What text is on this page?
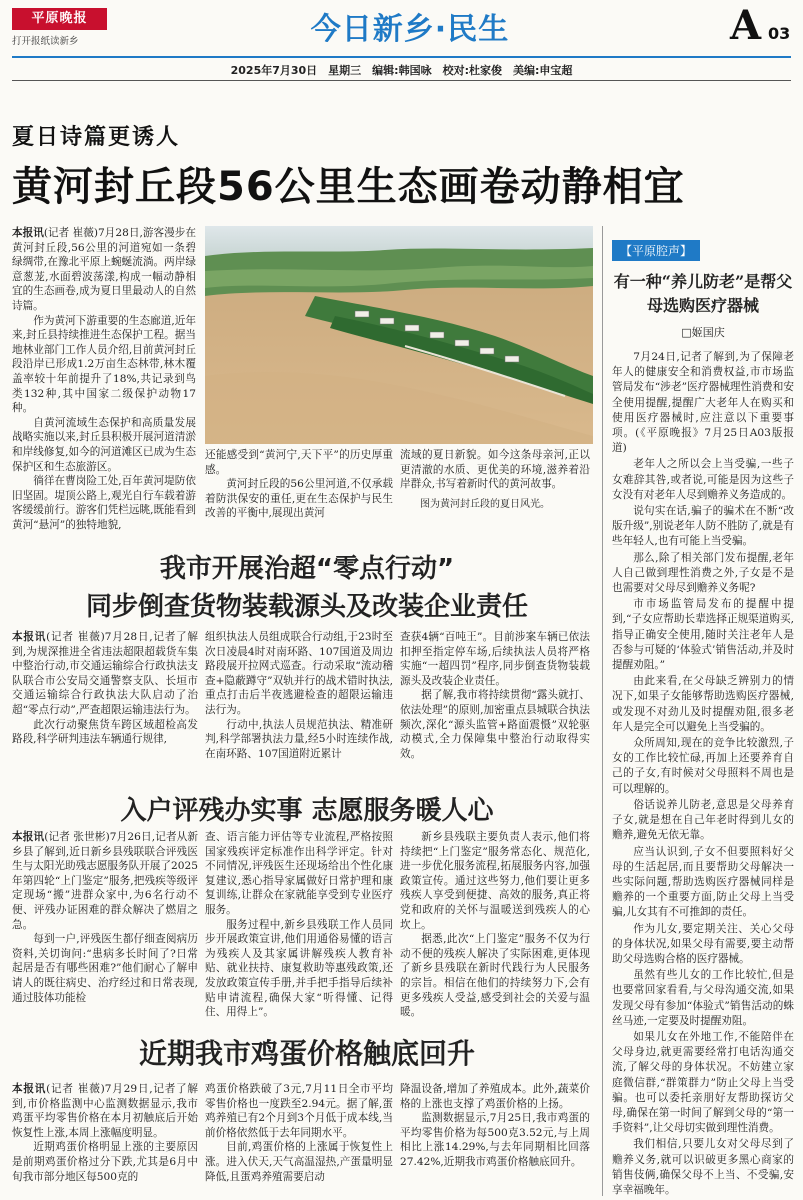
平原晚报
打开报纸读新乡	今日新乡·民生	A 03
2025年7月30日　星期三　编辑:韩国咏　校对:杜家俊　美编:申宝超
夏日诗篇更诱人
黄河封丘段56公里生态画卷动静相宜

本报讯(记者 崔薇)7月28日,游客漫步在黄河封丘段,56公里的河道宛如一条碧绿绸带,在豫北平原上蜿蜒流淌。两岸绿意葱茏,水面碧波荡漾,构成一幅动静相宜的生态画卷,成为夏日里最动人的自然诗篇。

作为黄河下游重要的生态廊道,近年来,封丘县持续推进生态保护工程。据当地林业部门工作人员介绍,目前黄河封丘段沿岸已形成1.2万亩生态林带,林木覆盖率较十年前提升了18%,共记录到鸟类132种,其中国家二级保护动物17种。

自黄河流域生态保护和高质量发展战略实施以来,封丘县积极开展河道清淤和岸线修复,如今的河道滩区已成为生态保护区和生态旅游区。

徜徉在曹岗险工处,百年黄河堤防依旧坚固。堤顶公路上,观光自行车载着游客缓缓前行。游客们凭栏远眺,既能看到黄河“悬河”的独特地貌,

还能感受到“黄河宁,天下平”的历史厚重感。

黄河封丘段的56公里河道,不仅承载着防洪保安的重任,更在生态保护与民生改善的平衡中,展现出黄河

流域的夏日新貌。如今这条母亲河,正以更清澈的水质、更优美的环境,滋养着沿岸群众,书写着新时代的黄河故事。

图为黄河封丘段的夏日风光。

【平原腔声】
有一种“养儿防老”是帮父母选购医疗器械
□姬国庆

7月24日,记者了解到,为了保障老年人的健康安全和消费权益,市市场监管局发布“涉老”医疗器械理性消费和安全使用提醒,提醒广大老年人在购买和使用医疗器械时,应注意以下重要事项。(《平原晚报》7月25日A03版报道)

老年人之所以会上当受骗,一些子女难辞其咎,或者说,可能是因为这些子女没有对老年人尽到赡养义务造成的。

说句实在话,骗子的骗术在不断“改版升级”,别说老年人防不胜防了,就是有些年轻人,也有可能上当受骗。

那么,除了相关部门发布提醒,老年人自己做到理性消费之外,子女是不是也需要对父母尽到赡养义务呢?

市市场监管局发布的提醒中提到,“子女应帮助长辈选择正规渠道购买,指导正确安全使用,随时关注老年人是否参与可疑的‘体验式’销售活动,并及时提醒劝阻。”

由此来看,在父母缺乏辨别力的情况下,如果子女能够帮助选购医疗器械,或发现不对劲儿及时提醒劝阻,很多老年人是完全可以避免上当受骗的。

众所周知,现在的竞争比较激烈,子女的工作比较忙碌,再加上还要养育自己的子女,有时候对父母照料不周也是可以理解的。

俗话说养儿防老,意思是父母养育子女,就是想在自己年老时得到儿女的赡养,避免无依无靠。

应当认识到,子女不但要照料好父母的生活起居,而且要帮助父母解决一些实际问题,帮助选购医疗器械同样是赡养的一个重要方面,防止父母上当受骗,儿女其有不可推卸的责任。

作为儿女,要定期关注、关心父母的身体状况,如果父母有需要,要主动帮助父母选购合格的医疗器械。

虽然有些儿女的工作比较忙,但是也要常回家看看,与父母沟通交流,如果发现父母有参加“体验式”销售活动的蛛丝马迹,一定要及时提醒劝阻。

如果儿女在外地工作,不能陪伴在父母身边,就更需要经常打电话沟通交流,了解父母的身体状况。不妨建立家庭微信群,“群策群力”防止父母上当受骗。也可以委托亲朋好友帮助探访父母,确保在第一时间了解到父母的“第一手资料”,让父母切实做到理性消费。

我们相信,只要儿女对父母尽到了赡养义务,就可以识破更多黑心商家的销售伎俩,确保父母不上当、不受骗,安享幸福晚年。

我市开展治超“零点行动”
同步倒查货物装载源头及改装企业责任

本报讯(记者 崔薇)7月28日,记者了解到,为规深推进全省违法超限超载货车集中整治行动,市交通运输综合行政执法支队联合市公安局交通警察支队、长垣市交通运输综合行政执法大队启动了治超“零点行动”,严查超限运输违法行为。

此次行动聚焦货车跨区域超检高发路段,科学研判违法车辆通行规律,

组织执法人员组成联合行动组,于23时至次日凌晨4时对南环路、107国道及周边路段展开拉网式巡查。行动采取“流动稽查+隐蔽蹲守”双轨并行的战术错时执法,重点打击后半夜逃避检查的超限运输违法行为。

行动中,执法人员规范执法、精准研判,科学部署执法力量,经5小时连续作战,在南环路、107国道附近累计

查获4辆“百吨王”。目前涉案车辆已依法扣押至指定停车场,后续执法人员将严格实施“一超四罚”程序,同步倒查货物装载源头及改装企业责任。

据了解,我市将持续贯彻“露头就打、依法处理”的原则,加密重点县城联合执法频次,深化“源头监管+路面震慑”双轮驱动模式,全力保障集中整治行动取得实效。

入户评残办实事 志愿服务暖人心

本报讯(记者 张世彬)7月26日,记者从新乡县了解到,近日新乡县残联联合评残医生与太阳光助残志愿服务队开展了2025年第四轮“上门鉴定”服务,把残疾等级评定现场“搬”进群众家中,为6名行动不便、评残办证困难的群众解决了燃眉之急。

每到一户,评残医生都仔细查阅病历资料,关切询问:“患病多长时间了?日常起居是否有哪些困难?”他们耐心了解申请人的既往病史、治疗经过和日常表现,通过肢体功能检

查、语言能力评估等专业流程,严格按照国家残疾评定标准作出科学评定。针对不同情况,评残医生还现场给出个性化康复建议,悉心指导家属做好日常护理和康复训练,让群众在家就能享受到专业医疗服务。

服务过程中,新乡县残联工作人员同步开展政策宣讲,他们用通俗易懂的语言为残疾人及其家属讲解残疾人教育补贴、就业扶持、康复救助等惠残政策,还发放政策宣传手册,并手把手指导后续补贴申请流程,确保大家“听得懂、记得住、用得上”。

新乡县残联主要负责人表示,他们将持续把“上门鉴定”服务常态化、规范化,进一步优化服务流程,拓展服务内容,加强政策宣传。通过这些努力,他们要让更多残疾人享受到便捷、高效的服务,真正将党和政府的关怀与温暖送到残疾人的心坎上。

据悉,此次“上门鉴定”服务不仅为行动不便的残疾人解决了实际困难,更体现了新乡县残联在新时代践行为人民服务的宗旨。相信在他们的持续努力下,会有更多残疾人受益,感受到社会的关爱与温暖。

近期我市鸡蛋价格触底回升

本报讯(记者 崔薇)7月29日,记者了解到,市价格监测中心监测数据显示,我市鸡蛋平均零售价格在本月初触底后开始恢复性上涨,本周上涨幅度明显。

近期鸡蛋价格明显上涨的主要原因是前期鸡蛋价格过分下跌,尤其是6月中旬我市部分地区每500克的

鸡蛋价格跌破了3元,7月11日全市平均零售价格也一度跌至2.94元。据了解,蛋鸡养殖已有2个月到3个月低于成本线,当前价格依然低于去年同期水平。

目前,鸡蛋价格的上涨属于恢复性上涨。进入伏天,天气高温湿热,产蛋量明显降低,且蛋鸡养殖需要启动

降温设备,增加了养殖成本。此外,蔬菜价格的上涨也支撑了鸡蛋价格的上扬。

监测数据显示,7月25日,我市鸡蛋的平均零售价格为每500克3.52元,与上周相比上涨14.29%,与去年同期相比回落27.42%,近期我市鸡蛋价格触底回升。
